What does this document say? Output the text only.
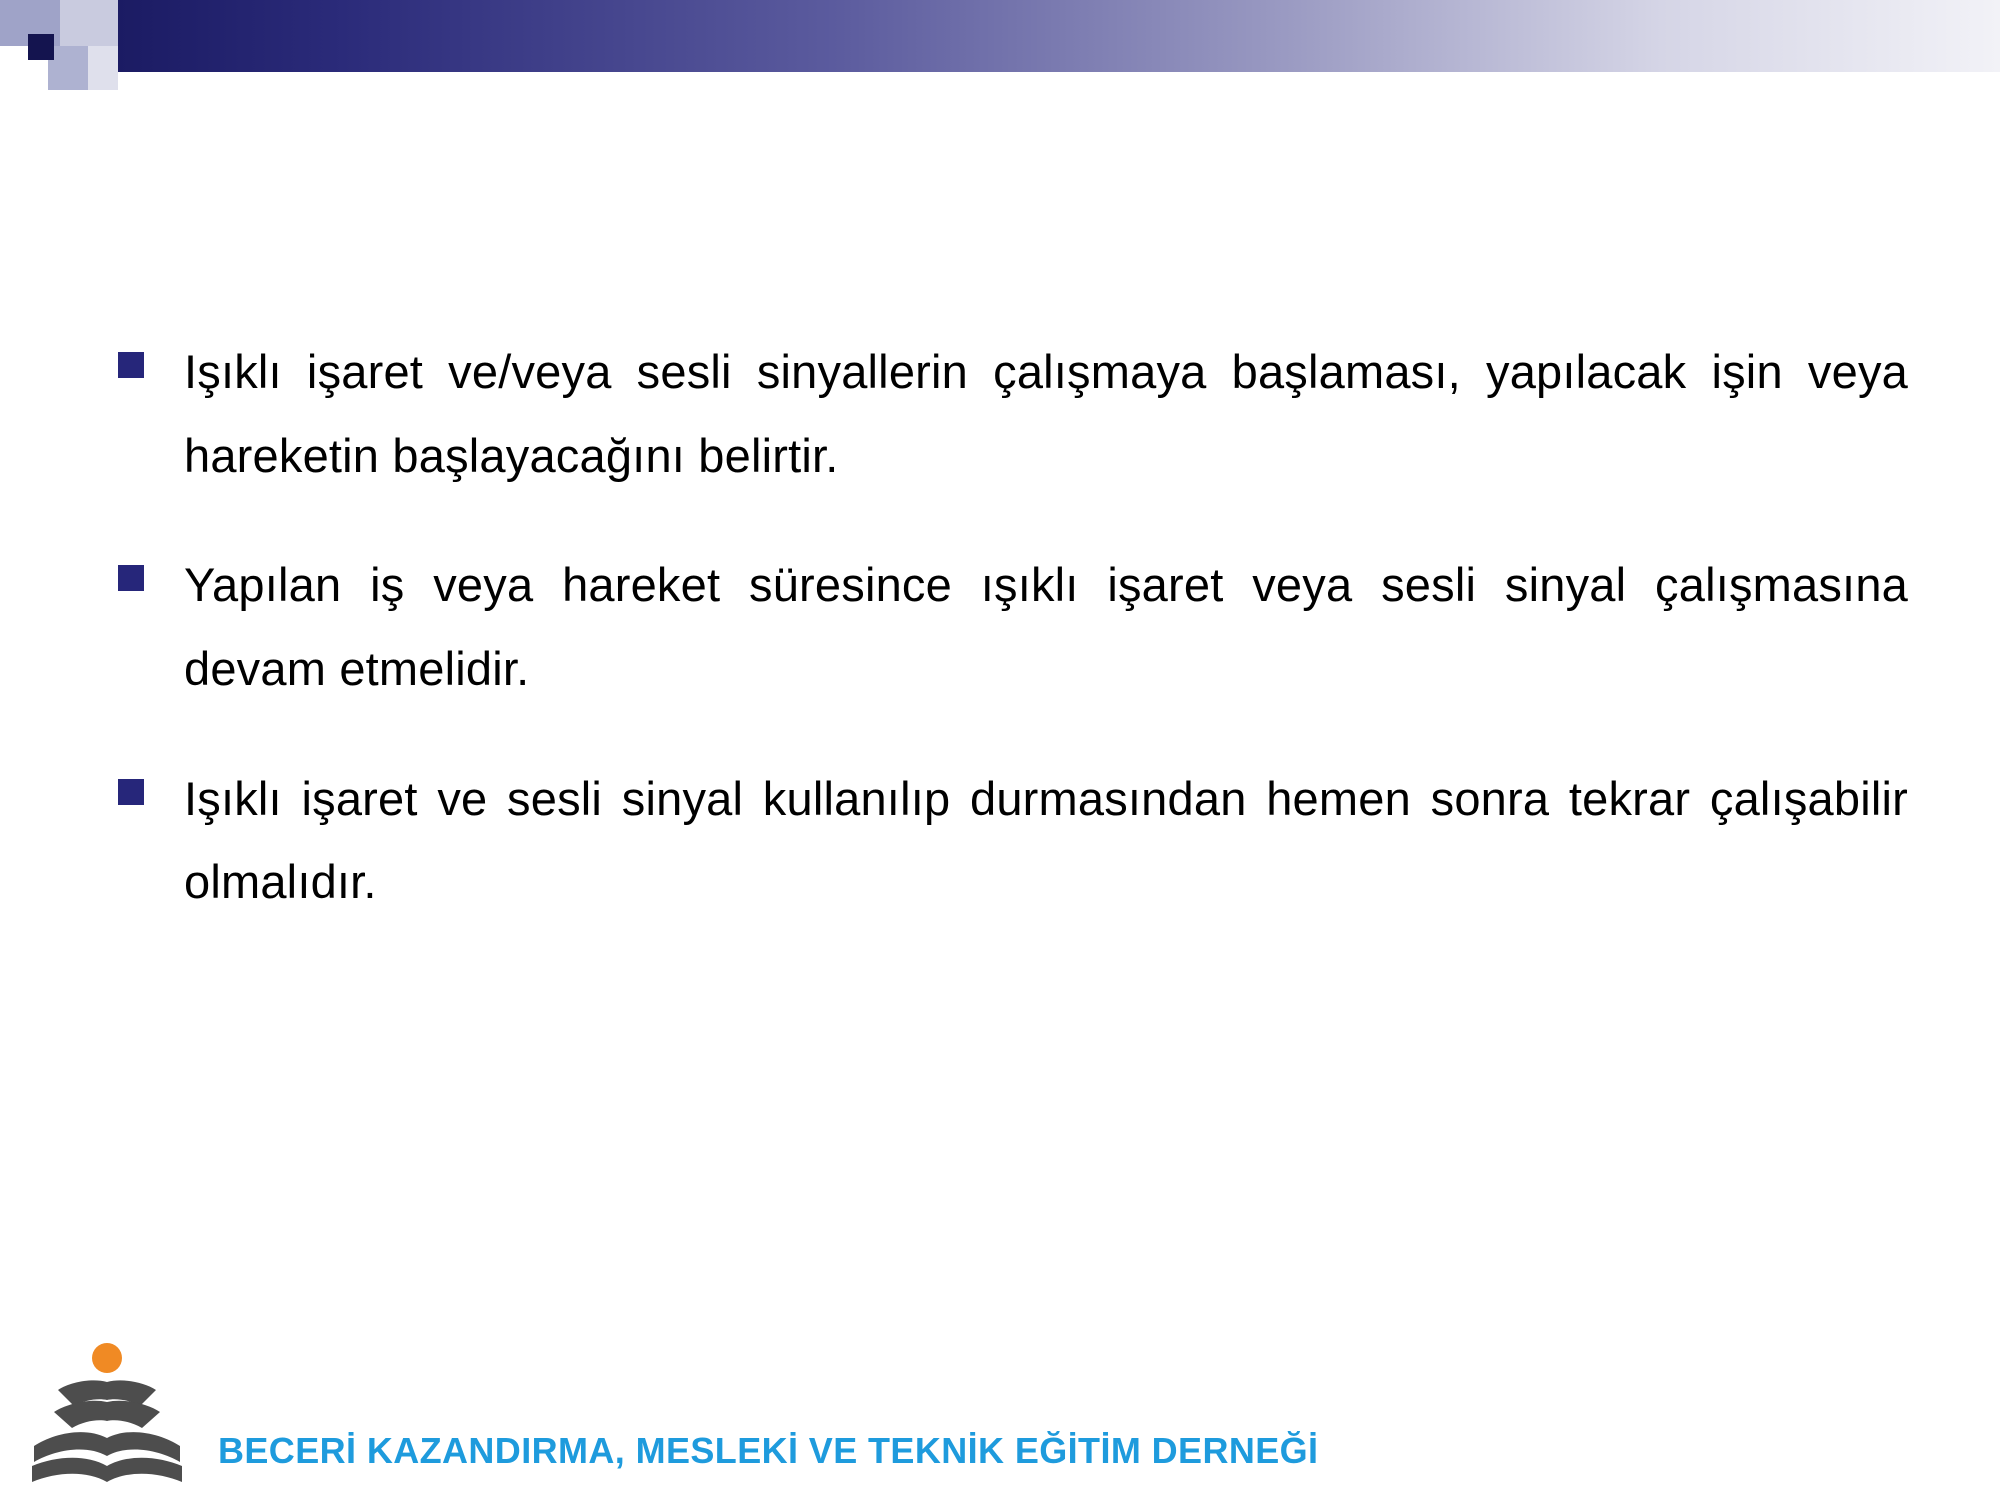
Işıklı işaret ve/veya sesli sinyallerin çalışmaya başlaması, yapılacak işin veya hareketin başlayacağını belirtir.
Yapılan iş veya hareket süresince ışıklı işaret veya sesli sinyal çalışmasına devam etmelidir.
Işıklı işaret ve sesli sinyal kullanılıp durmasından hemen sonra tekrar çalışabilir olmalıdır.
BECERİ KAZANDIRMA, MESLEKİ VE TEKNİK EĞİTİM DERNEĞİ
